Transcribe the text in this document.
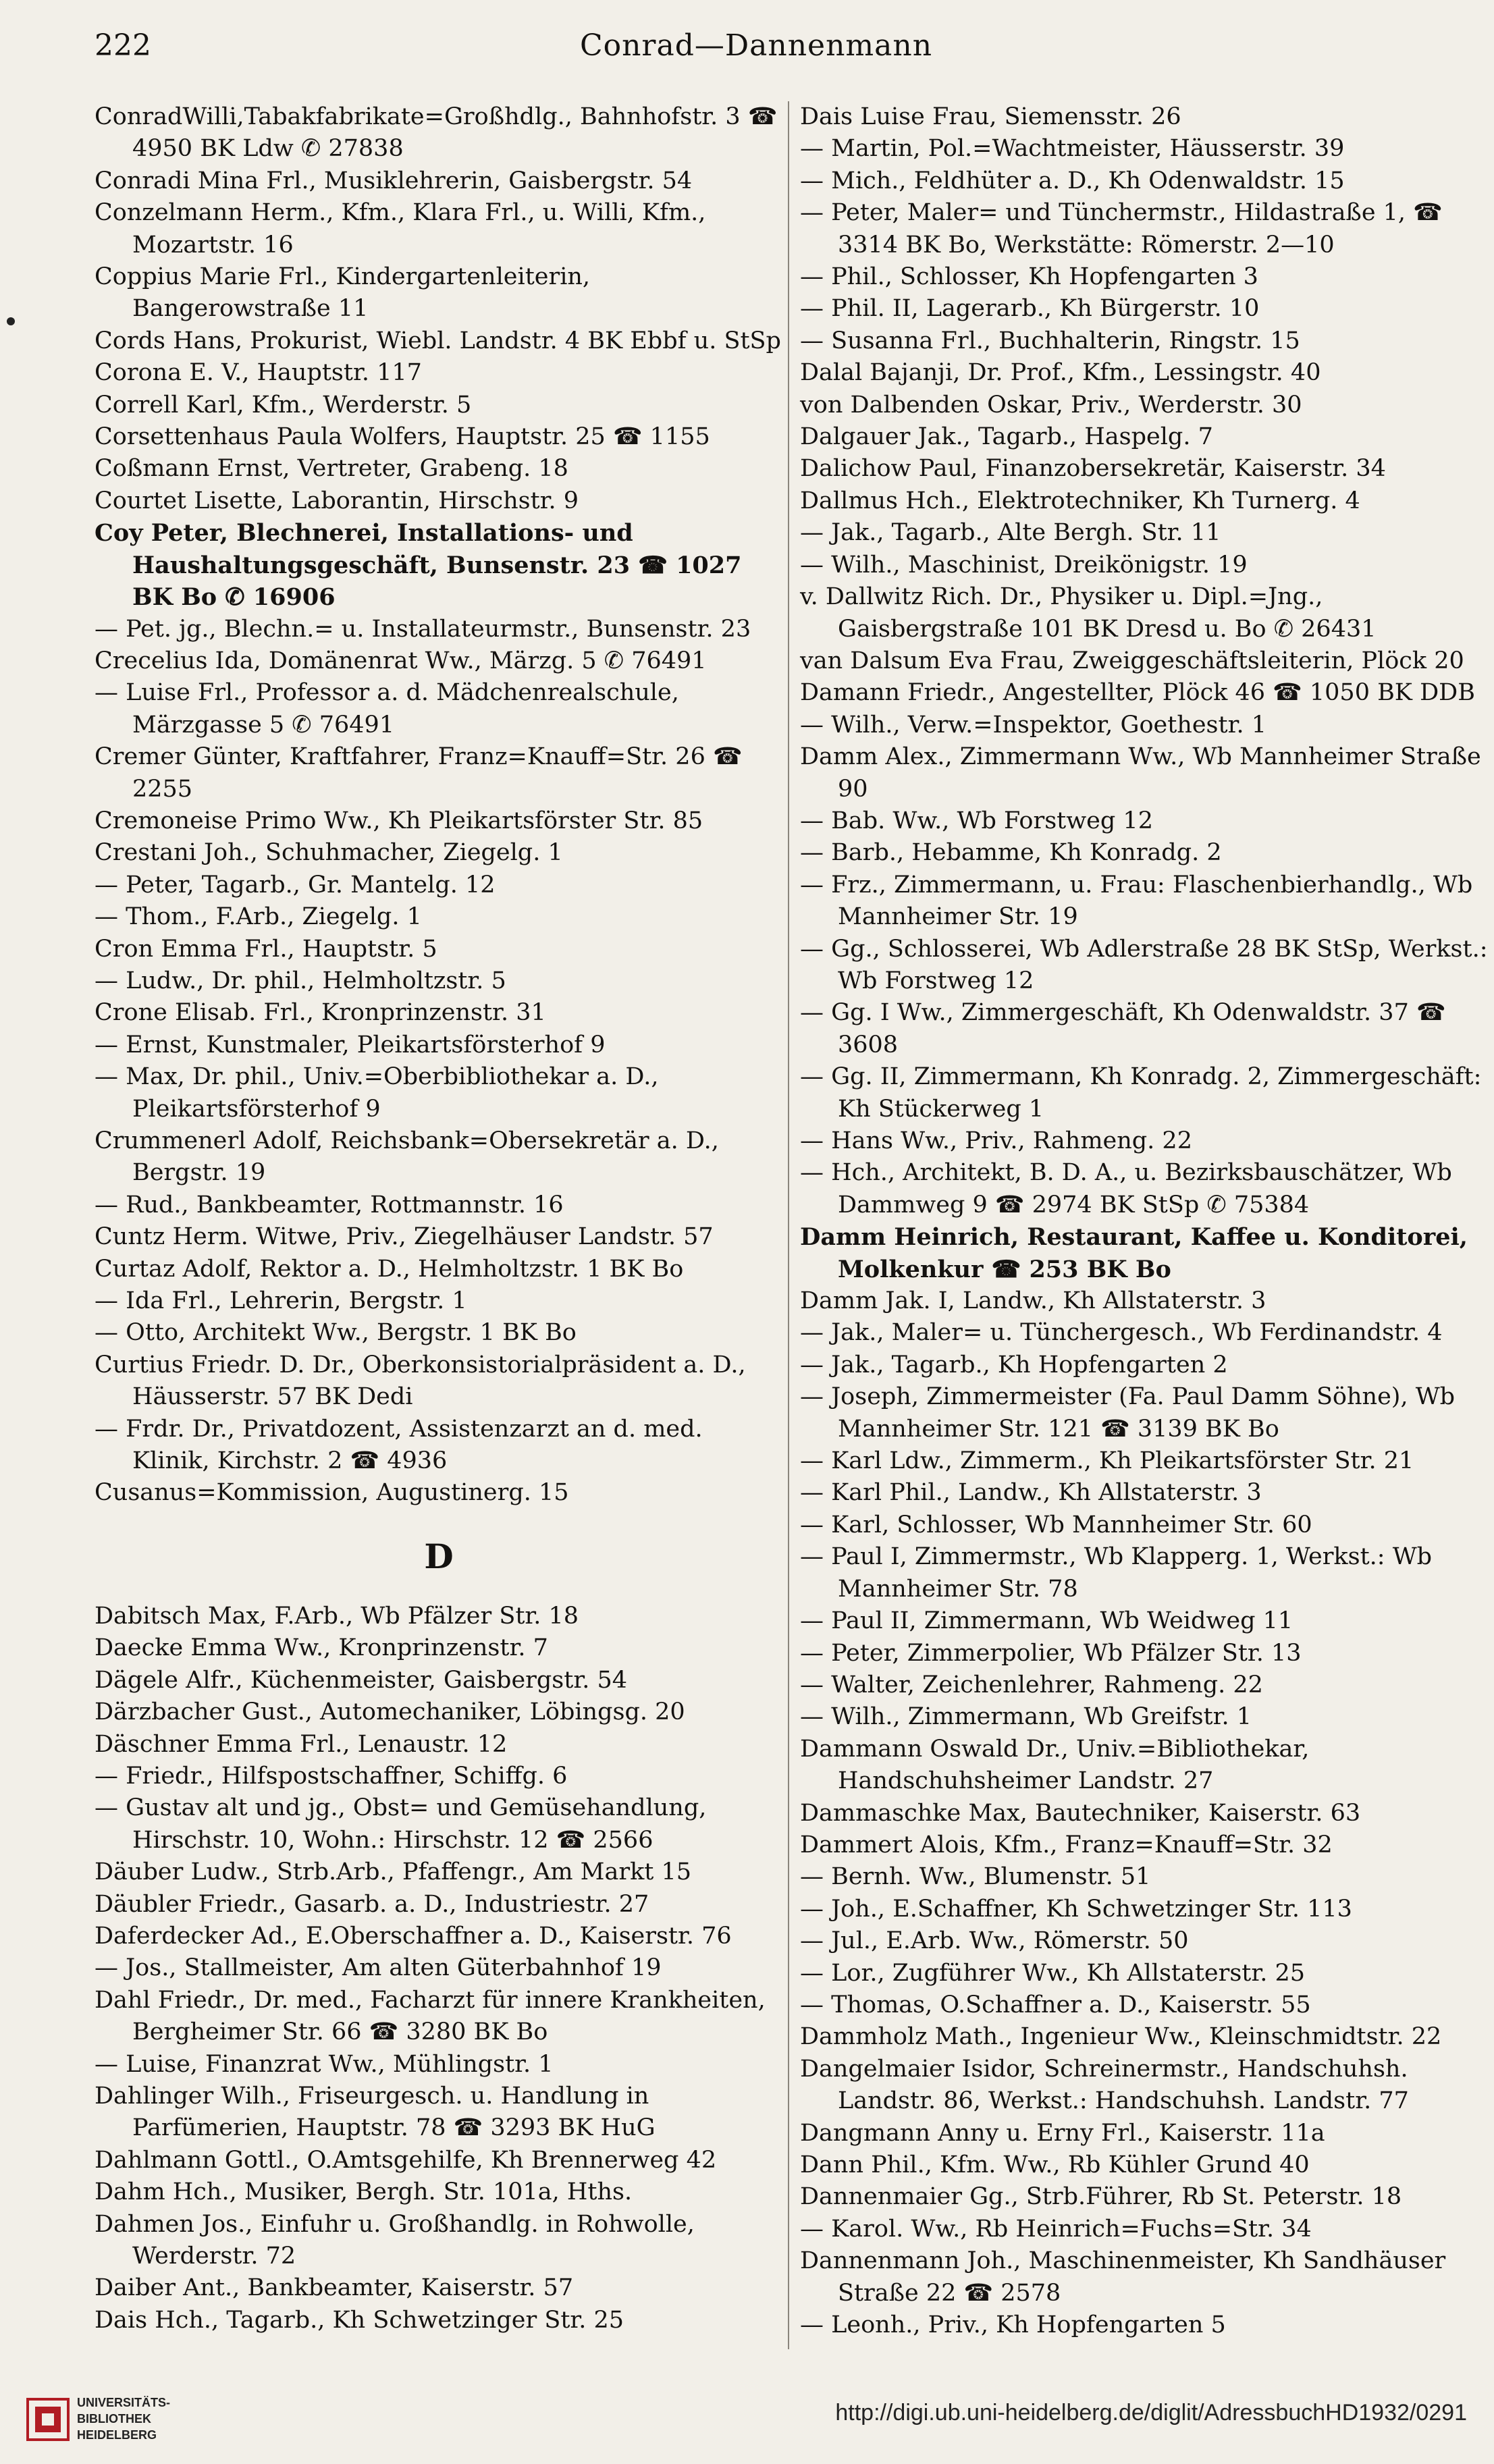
222	Conrad—Dannenmann
ConradWilli,Tabakfabrikate=Großhdlg., Bahnhofstr. 3 ☎ 4950 BK Ldw ✆ 27838
Conradi Mina Frl., Musiklehrerin, Gaisbergstr. 54
Conzelmann Herm., Kfm., Klara Frl., u. Willi, Kfm., Mozartstr. 16
Coppius Marie Frl., Kindergartenleiterin, Bangerowstraße 11
Cords Hans, Prokurist, Wiebl. Landstr. 4 BK Ebbf u. StSp
Corona E. V., Hauptstr. 117
Correll Karl, Kfm., Werderstr. 5
Corsettenhaus Paula Wolfers, Hauptstr. 25 ☎ 1155
Coßmann Ernst, Vertreter, Grabeng. 18
Courtet Lisette, Laborantin, Hirschstr. 9
Coy Peter, Blechnerei, Installations- und Haushaltungsgeschäft, Bunsenstr. 23 ☎ 1027 BK Bo ✆ 16906
— Pet. jg., Blechn.= u. Installateurmstr., Bunsenstr. 23
Crecelius Ida, Domänenrat Ww., Märzg. 5 ✆ 76491
— Luise Frl., Professor a. d. Mädchenrealschule, Märzgasse 5 ✆ 76491
Cremer Günter, Kraftfahrer, Franz=Knauff=Str. 26 ☎ 2255
Cremoneise Primo Ww., Kh Pleikartsförster Str. 85
Crestani Joh., Schuhmacher, Ziegelg. 1
— Peter, Tagarb., Gr. Mantelg. 12
— Thom., F.Arb., Ziegelg. 1
Cron Emma Frl., Hauptstr. 5
— Ludw., Dr. phil., Helmholtzstr. 5
Crone Elisab. Frl., Kronprinzenstr. 31
— Ernst, Kunstmaler, Pleikartsförsterhof 9
— Max, Dr. phil., Univ.=Oberbibliothekar a. D., Pleikartsförsterhof 9
Crummenerl Adolf, Reichsbank=Obersekretär a. D., Bergstr. 19
— Rud., Bankbeamter, Rottmannstr. 16
Cuntz Herm. Witwe, Priv., Ziegelhäuser Landstr. 57
Curtaz Adolf, Rektor a. D., Helmholtzstr. 1 BK Bo
— Ida Frl., Lehrerin, Bergstr. 1
— Otto, Architekt Ww., Bergstr. 1 BK Bo
Curtius Friedr. D. Dr., Oberkonsistorialpräsident a. D., Häusserstr. 57 BK Dedi
— Frdr. Dr., Privatdozent, Assistenzarzt an d. med. Klinik, Kirchstr. 2 ☎ 4936
Cusanus=Kommission, Augustinerg. 15
D
Dabitsch Max, F.Arb., Wb Pfälzer Str. 18
Daecke Emma Ww., Kronprinzenstr. 7
Dägele Alfr., Küchenmeister, Gaisbergstr. 54
Därzbacher Gust., Automechaniker, Löbingsg. 20
Däschner Emma Frl., Lenaustr. 12
— Friedr., Hilfspostschaffner, Schiffg. 6
— Gustav alt und jg., Obst= und Gemüsehandlung, Hirschstr. 10, Wohn.: Hirschstr. 12 ☎ 2566
Däuber Ludw., Strb.Arb., Pfaffengr., Am Markt 15
Däubler Friedr., Gasarb. a. D., Industriestr. 27
Daferdecker Ad., E.Oberschaffner a. D., Kaiserstr. 76
— Jos., Stallmeister, Am alten Güterbahnhof 19
Dahl Friedr., Dr. med., Facharzt für innere Krankheiten, Bergheimer Str. 66 ☎ 3280 BK Bo
— Luise, Finanzrat Ww., Mühlingstr. 1
Dahlinger Wilh., Friseurgesch. u. Handlung in Parfümerien, Hauptstr. 78 ☎ 3293 BK HuG
Dahlmann Gottl., O.Amtsgehilfe, Kh Brennerweg 42
Dahm Hch., Musiker, Bergh. Str. 101a, Hths.
Dahmen Jos., Einfuhr u. Großhandlg. in Rohwolle, Werderstr. 72
Daiber Ant., Bankbeamter, Kaiserstr. 57
Dais Hch., Tagarb., Kh Schwetzinger Str. 25
Dais Luise Frau, Siemensstr. 26
— Martin, Pol.=Wachtmeister, Häusserstr. 39
— Mich., Feldhüter a. D., Kh Odenwaldstr. 15
— Peter, Maler= und Tünchermstr., Hildastraße 1, ☎ 3314 BK Bo, Werkstätte: Römerstr. 2—10
— Phil., Schlosser, Kh Hopfengarten 3
— Phil. II, Lagerarb., Kh Bürgerstr. 10
— Susanna Frl., Buchhalterin, Ringstr. 15
Dalal Bajanji, Dr. Prof., Kfm., Lessingstr. 40
von Dalbenden Oskar, Priv., Werderstr. 30
Dalgauer Jak., Tagarb., Haspelg. 7
Dalichow Paul, Finanzobersekretär, Kaiserstr. 34
Dallmus Hch., Elektrotechniker, Kh Turnerg. 4
— Jak., Tagarb., Alte Bergh. Str. 11
— Wilh., Maschinist, Dreikönigstr. 19
v. Dallwitz Rich. Dr., Physiker u. Dipl.=Jng., Gaisbergstraße 101 BK Dresd u. Bo ✆ 26431
van Dalsum Eva Frau, Zweiggeschäftsleiterin, Plöck 20
Damann Friedr., Angestellter, Plöck 46 ☎ 1050 BK DDB
— Wilh., Verw.=Inspektor, Goethestr. 1
Damm Alex., Zimmermann Ww., Wb Mannheimer Straße 90
— Bab. Ww., Wb Forstweg 12
— Barb., Hebamme, Kh Konradg. 2
— Frz., Zimmermann, u. Frau: Flaschenbierhandlg., Wb Mannheimer Str. 19
— Gg., Schlosserei, Wb Adlerstraße 28 BK StSp, Werkst.: Wb Forstweg 12
— Gg. I Ww., Zimmergeschäft, Kh Odenwaldstr. 37 ☎ 3608
— Gg. II, Zimmermann, Kh Konradg. 2, Zimmergeschäft: Kh Stückerweg 1
— Hans Ww., Priv., Rahmeng. 22
— Hch., Architekt, B. D. A., u. Bezirksbauschätzer, Wb Dammweg 9 ☎ 2974 BK StSp ✆ 75384
Damm Heinrich, Restaurant, Kaffee u. Konditorei, Molkenkur ☎ 253 BK Bo
Damm Jak. I, Landw., Kh Allstaterstr. 3
— Jak., Maler= u. Tünchergesch., Wb Ferdinandstr. 4
— Jak., Tagarb., Kh Hopfengarten 2
— Joseph, Zimmermeister (Fa. Paul Damm Söhne), Wb Mannheimer Str. 121 ☎ 3139 BK Bo
— Karl Ldw., Zimmerm., Kh Pleikartsförster Str. 21
— Karl Phil., Landw., Kh Allstaterstr. 3
— Karl, Schlosser, Wb Mannheimer Str. 60
— Paul I, Zimmermstr., Wb Klapperg. 1, Werkst.: Wb Mannheimer Str. 78
— Paul II, Zimmermann, Wb Weidweg 11
— Peter, Zimmerpolier, Wb Pfälzer Str. 13
— Walter, Zeichenlehrer, Rahmeng. 22
— Wilh., Zimmermann, Wb Greifstr. 1
Dammann Oswald Dr., Univ.=Bibliothekar, Handschuhsheimer Landstr. 27
Dammaschke Max, Bautechniker, Kaiserstr. 63
Dammert Alois, Kfm., Franz=Knauff=Str. 32
— Bernh. Ww., Blumenstr. 51
— Joh., E.Schaffner, Kh Schwetzinger Str. 113
— Jul., E.Arb. Ww., Römerstr. 50
— Lor., Zugführer Ww., Kh Allstaterstr. 25
— Thomas, O.Schaffner a. D., Kaiserstr. 55
Dammholz Math., Ingenieur Ww., Kleinschmidtstr. 22
Dangelmaier Isidor, Schreinermstr., Handschuhsh. Landstr. 86, Werkst.: Handschuhsh. Landstr. 77
Dangmann Anny u. Erny Frl., Kaiserstr. 11a
Dann Phil., Kfm. Ww., Rb Kühler Grund 40
Dannenmaier Gg., Strb.Führer, Rb St. Peterstr. 18
— Karol. Ww., Rb Heinrich=Fuchs=Str. 34
Dannenmann Joh., Maschinenmeister, Kh Sandhäuser Straße 22 ☎ 2578
— Leonh., Priv., Kh Hopfengarten 5
UNIVERSITÄTS-
BIBLIOTHEK
HEIDELBERG
http://digi.ub.uni-heidelberg.de/diglit/AdressbuchHD1932/0291
